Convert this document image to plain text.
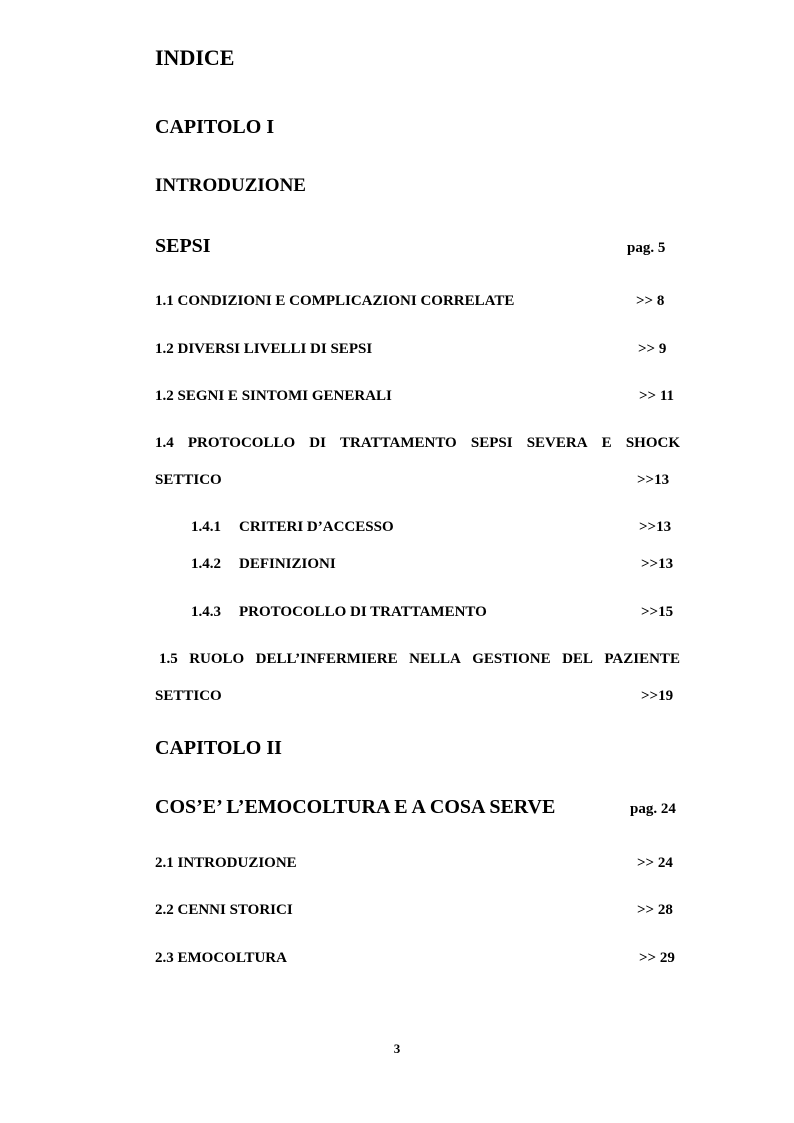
INDICE
CAPITOLO I
INTRODUZIONE
SEPSI	pag. 5
1.1 CONDIZIONI E COMPLICAZIONI CORRELATE	>> 8
1.2 DIVERSI LIVELLI DI SEPSI	>> 9
1.2 SEGNI E SINTOMI GENERALI	>> 11
1.4 PROTOCOLLO DI TRATTAMENTO SEPSI SEVERA E SHOCK
SETTICO	>>13
1.4.1 CRITERI D’ACCESSO	>>13
1.4.2 DEFINIZIONI	>>13
1.4.3 PROTOCOLLO DI TRATTAMENTO	>>15
1.5 RUOLO DELL’INFERMIERE NELLA GESTIONE DEL PAZIENTE
SETTICO	>>19
CAPITOLO II
COS’E’ L’EMOCOLTURA E A COSA SERVE	pag. 24
2.1 INTRODUZIONE	>> 24
2.2 CENNI STORICI	>> 28
2.3 EMOCOLTURA	>> 29
3
